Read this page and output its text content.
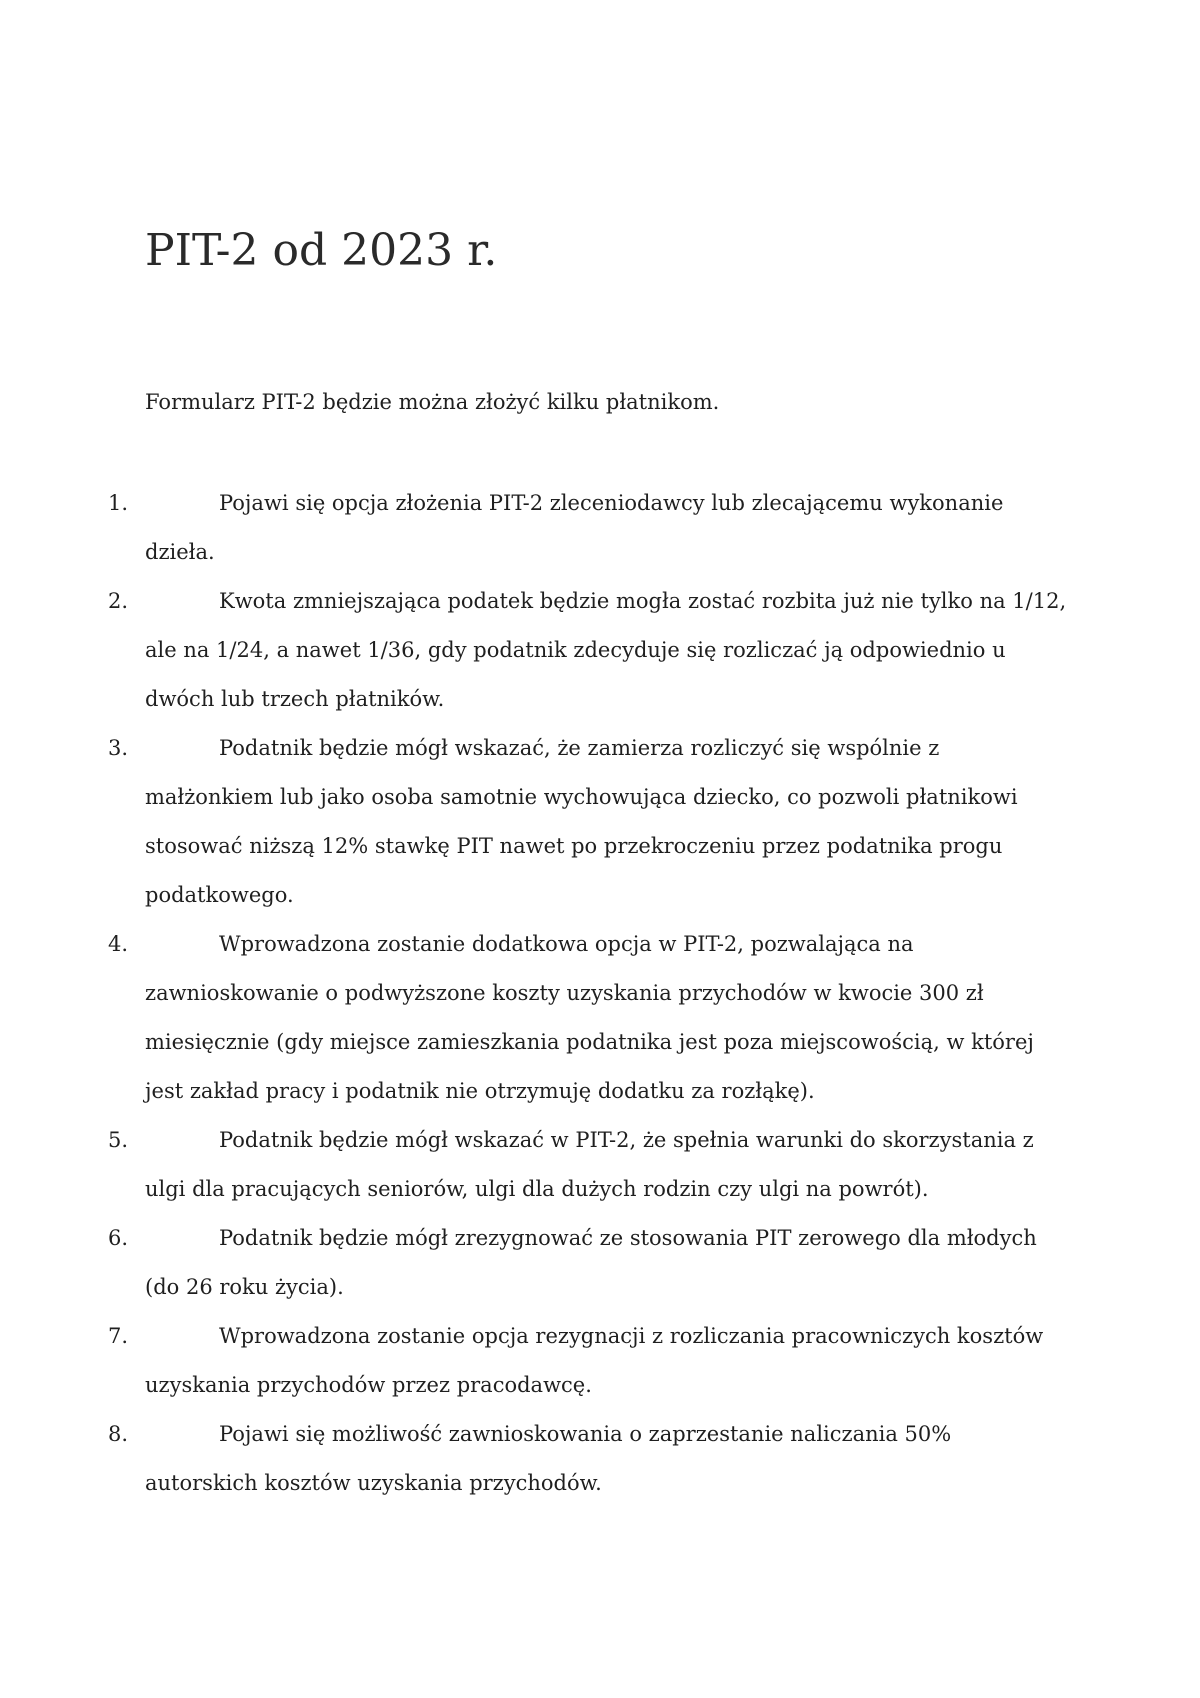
PIT-2 od 2023 r.

Formularz PIT-2 będzie można złożyć kilku płatnikom.

1.	Pojawi się opcja złożenia PIT-2 zleceniodawcy lub zlecającemu wykonanie dzieła.
2.	Kwota zmniejszająca podatek będzie mogła zostać rozbita już nie tylko na 1/12, ale na 1/24, a nawet 1/36, gdy podatnik zdecyduje się rozliczać ją odpowiednio u dwóch lub trzech płatników.
3.	Podatnik będzie mógł wskazać, że zamierza rozliczyć się wspólnie z małżonkiem lub jako osoba samotnie wychowująca dziecko, co pozwoli płatnikowi stosować niższą 12% stawkę PIT nawet po przekroczeniu przez podatnika progu podatkowego.
4.	Wprowadzona zostanie dodatkowa opcja w PIT-2, pozwalająca na zawnioskowanie o podwyższone koszty uzyskania przychodów w kwocie 300 zł miesięcznie (gdy miejsce zamieszkania podatnika jest poza miejscowością, w której jest zakład pracy i podatnik nie otrzymuję dodatku za rozłąkę).
5.	Podatnik będzie mógł wskazać w PIT-2, że spełnia warunki do skorzystania z ulgi dla pracujących seniorów, ulgi dla dużych rodzin czy ulgi na powrót).
6.	Podatnik będzie mógł zrezygnować ze stosowania PIT zerowego dla młodych (do 26 roku życia).
7.	Wprowadzona zostanie opcja rezygnacji z rozliczania pracowniczych kosztów uzyskania przychodów przez pracodawcę.
8.	Pojawi się możliwość zawnioskowania o zaprzestanie naliczania 50% autorskich kosztów uzyskania przychodów.
